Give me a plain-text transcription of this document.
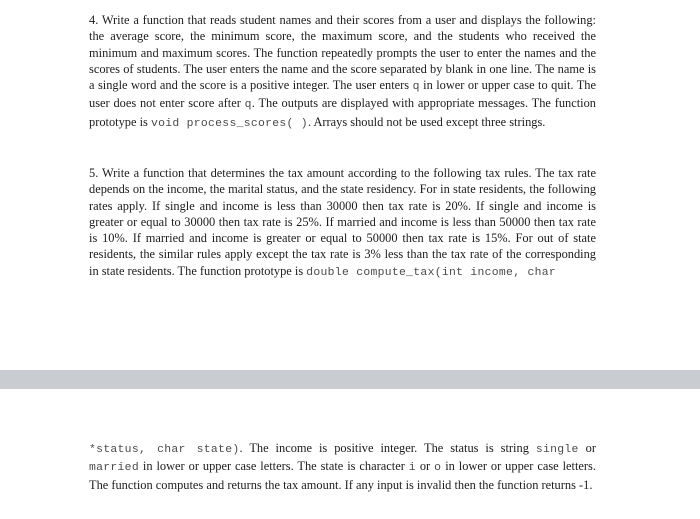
4. Write a function that reads student names and their scores from a user and displays the following: the average score, the minimum score, the maximum score, and the students who received the minimum and maximum scores. The function repeatedly prompts the user to enter the names and the scores of students. The user enters the name and the score separated by blank in one line. The name is a single word and the score is a positive integer. The user enters q in lower or upper case to quit. The user does not enter score after q. The outputs are displayed with appropriate messages. The function prototype is void process_scores( ). Arrays should not be used except three strings.

5. Write a function that determines the tax amount according to the following tax rules. The tax rate depends on the income, the marital status, and the state residency. For in state residents, the following rates apply. If single and income is less than 30000 then tax rate is 20%. If single and income is greater or equal to 30000 then tax rate is 25%. If married and income is less than 50000 then tax rate is 10%. If married and income is greater or equal to 50000 then tax rate is 15%. For out of state residents, the similar rules apply except the tax rate is 3% less than the tax rate of the corresponding in state residents. The function prototype is double compute_tax(int income, char

*status, char state). The income is positive integer. The status is string single or married in lower or upper case letters. The state is character i or o in lower or upper case letters. The function computes and returns the tax amount. If any input is invalid then the function returns -1.
